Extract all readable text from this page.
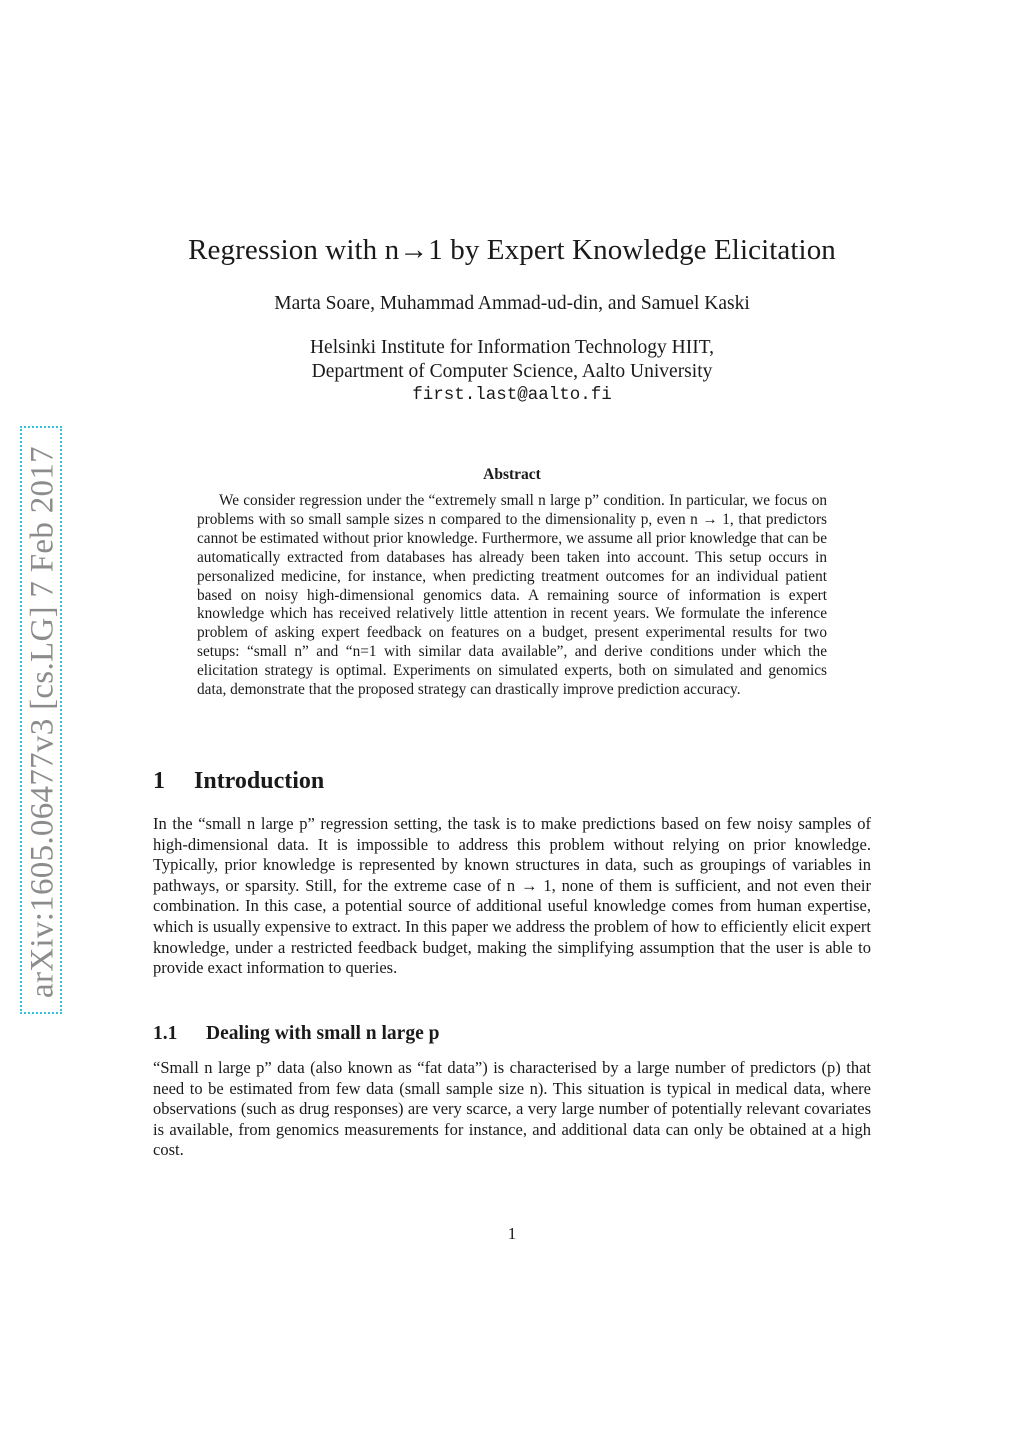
arXiv:1605.06477v3 [cs.LG] 7 Feb 2017
Regression with n→1 by Expert Knowledge Elicitation
Marta Soare, Muhammad Ammad-ud-din, and Samuel Kaski
Helsinki Institute for Information Technology HIIT,
Department of Computer Science, Aalto University
first.last@aalto.fi
Abstract

We consider regression under the “extremely small n large p” condition. In particular, we focus on problems with so small sample sizes n compared to the dimensionality p, even n → 1, that predictors cannot be estimated without prior knowledge. Furthermore, we assume all prior knowledge that can be automatically extracted from databases has already been taken into account. This setup occurs in personalized medicine, for instance, when predicting treatment outcomes for an individual patient based on noisy high-dimensional genomics data. A remaining source of information is expert knowledge which has received relatively little attention in recent years. We formulate the inference problem of asking expert feedback on features on a budget, present experimental results for two setups: “small n” and “n=1 with similar data available”, and derive conditions under which the elicitation strategy is optimal. Experiments on simulated experts, both on simulated and genomics data, demonstrate that the proposed strategy can drastically improve prediction accuracy.

1 Introduction

In the “small n large p” regression setting, the task is to make predictions based on few noisy samples of high-dimensional data. It is impossible to address this problem without relying on prior knowledge. Typically, prior knowledge is represented by known structures in data, such as groupings of variables in pathways, or sparsity. Still, for the extreme case of n → 1, none of them is sufficient, and not even their combination. In this case, a potential source of additional useful knowledge comes from human expertise, which is usually expensive to extract. In this paper we address the problem of how to efficiently elicit expert knowledge, under a restricted feedback budget, making the simplifying assumption that the user is able to provide exact information to queries.

1.1 Dealing with small n large p

“Small n large p” data (also known as “fat data”) is characterised by a large number of predictors (p) that need to be estimated from few data (small sample size n). This situation is typical in medical data, where observations (such as drug responses) are very scarce, a very large number of potentially relevant covariates is available, from genomics measurements for instance, and additional data can only be obtained at a high cost.

1
